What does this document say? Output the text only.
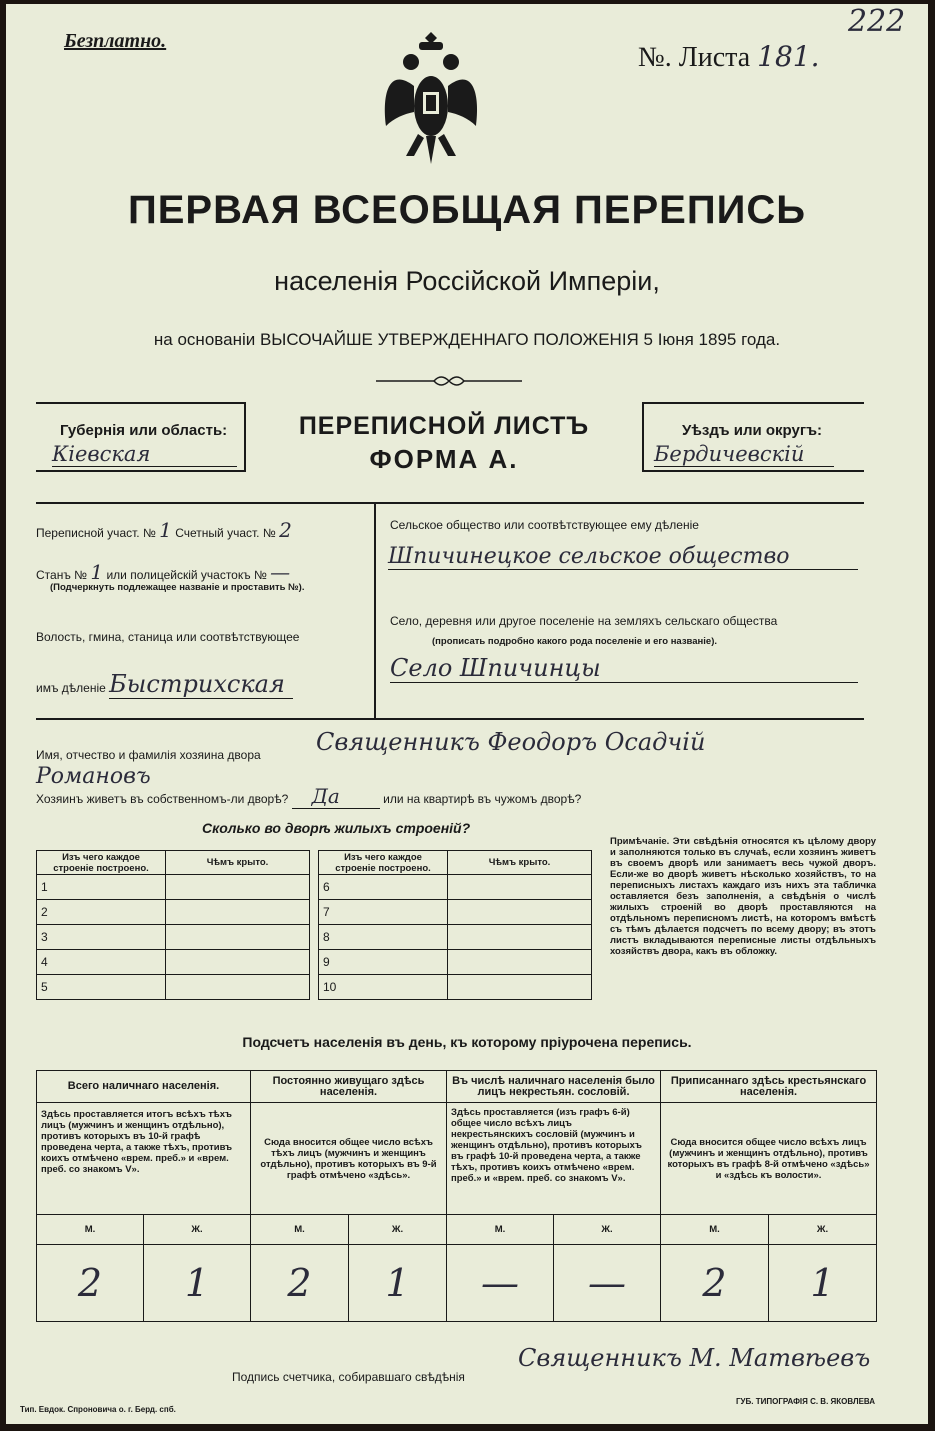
Безплатно.
№. Листа 181.
222
ПЕРВАЯ ВСЕОБЩАЯ ПЕРЕПИСЬ
населенія Россійской Имперіи,
на основаніи ВЫСОЧАЙШЕ УТВЕРЖДЕННАГО ПОЛОЖЕНІЯ 5 Іюня 1895 года.
Губернія или область:
Кіевская
ПЕРЕПИСНОЙ ЛИСТЪ
ФОРМА А.
Уѣздъ или округъ:
Бердичевскій
Переписной участ. № 1 Счетный участ. № 2
Станъ № 1 или полицейскій участокъ № —
(Подчеркнуть подлежащее названіе и проставить №).
Волость, гмина, станица или соотвѣтствующее
имъ дѣленіе Быстрихская
Сельское общество или соотвѣтствующее ему дѣленіе
Шпичинецкое сельское общество
Село, деревня или другое поселеніе на земляхъ сельскаго общества
(прописать подробно какого рода поселеніе и его названіе).
Село Шпичинцы
Имя, отчество и фамилія хозяина двора Священникъ Феодоръ Осадчій
Романовъ
Хозяинъ живетъ въ собственномъ-ли дворѣ? Да	или на квартирѣ въ чужомъ дворѣ?
Сколько во дворѣ жилыхъ строеній?
Изъ чего каждое строеніе построено.	Чѣмъ крыто.
1	
2	
3	
4	
5	
Изъ чего каждое строеніе построено.	Чѣмъ крыто.
6	
7	
8	
9	
10	
Примѣчаніе. Эти свѣдѣнія относятся къ цѣлому двору и заполняются только въ случаѣ, если хозяинъ живетъ въ своемъ дворѣ или занимаетъ весь чужой дворъ. Если-же во дворѣ живетъ нѣсколько хозяйствъ, то на переписныхъ листахъ каждаго изъ нихъ эта табличка оставляется безъ заполненія, а свѣдѣнія о числѣ жилыхъ строеній во дворѣ проставляются на отдѣльномъ переписномъ листѣ, на которомъ вмѣстѣ съ тѣмъ дѣлается подсчетъ по всему двору; въ этотъ листъ вкладываются переписные листы отдѣльныхъ хозяйствъ двора, какъ въ обложку.
Подсчетъ населенія въ день, къ которому пріурочена перепись.
Всего наличнаго населенія.		Постоянно живущаго здѣсь населенія.		Въ числѣ наличнаго населенія было лицъ некрестьян. сословій.		Приписаннаго здѣсь крестьянскаго населенія.	
Здѣсь проставляется итогъ всѣхъ тѣхъ лицъ (мужчинъ и женщинъ отдѣльно), противъ которыхъ въ 10-й графѣ проведена черта, а также тѣхъ, противъ коихъ отмѣчено «врем. преб.» и «врем. преб. со знакомъ V».		Сюда вносится общее число всѣхъ тѣхъ лицъ (мужчинъ и женщинъ отдѣльно), противъ которыхъ въ 9-й графѣ отмѣчено «здѣсь».		Здѣсь проставляется (изъ графъ 6-й) общее число всѣхъ лицъ некрестьянскихъ сословій (мужчинъ и женщинъ отдѣльно), противъ которыхъ въ графѣ 10-й проведена черта, а также тѣхъ, противъ коихъ отмѣчено «врем. преб.» и «врем. преб. со знакомъ V».		Сюда вносится общее число всѣхъ лицъ (мужчинъ и женщинъ отдѣльно), противъ которыхъ въ графѣ 8-й отмѣчено «здѣсь» и «здѣсь къ волости».	
М.	Ж.	М.	Ж.	М.	Ж.	М.	Ж.
2	1	2	1	—	—	2	1
Подпись счетчика, собиравшаго свѣдѣнія
Священникъ М. Матвѣевъ
Тип. Евдок. Спроновича о. г. Берд. спб.
ГУБ. ТИПОГРАФІЯ С. В. ЯКОВЛЕВА
